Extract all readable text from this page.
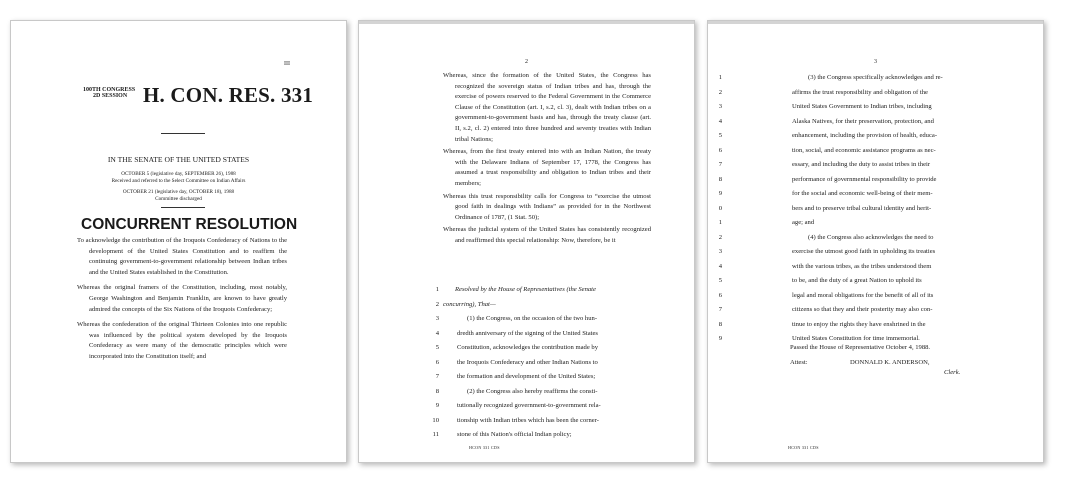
III
100TH CONGRESS
2D SESSION H. CON. RES. 331
IN THE SENATE OF THE UNITED STATES
OCTOBER 5 (legislative day, SEPTEMBER 26), 1988
Received and referred to the Select Committee on Indian Affairs
OCTOBER 21 (legislative day, OCTOBER 18), 1988
Committee discharged
CONCURRENT RESOLUTION

To acknowledge the contribution of the Iroquois Confederacy of Nations to the development of the United States Constitution and to reaffirm the continuing government-to-government relationship between Indian tribes and the United States established in the Constitution.

Whereas the original framers of the Constitution, including, most notably, George Washington and Benjamin Franklin, are known to have greatly admired the concepts of the Six Nations of the Iroquois Confederacy;

Whereas the confederation of the original Thirteen Colonies into one republic was influenced by the political system developed by the Iroquois Confederacy as were many of the democratic principles which were incorporated into the Constitution itself; and

2

Whereas, since the formation of the United States, the Congress has recognized the sovereign status of Indian tribes and has, through the exercise of powers reserved to the Federal Government in the Commerce Clause of the Constitution (art. I, s.2, cl. 3), dealt with Indian tribes on a government-to-government basis and has, through the treaty clause (art. II, s.2, cl. 2) entered into three hundred and seventy treaties with Indian tribal Nations;

Whereas, from the first treaty entered into with an Indian Nation, the treaty with the Delaware Indians of September 17, 1778, the Congress has assumed a trust responsibility and obligation to Indian tribes and their members;

Whereas this trust responsibility calls for Congress to “exercise the utmost good faith in dealings with Indians” as provided for in the Northwest Ordinance of 1787, (1 Stat. 50);

Whereas the judicial system of the United States has consistently recognized and reaffirmed this special relationship: Now, therefore, be it

1 Resolved by the House of Representatives (the Senate
2 concurring), That—
3	(1) the Congress, on the occasion of the two hun-
4	dredth anniversary of the signing of the United States
5	Constitution, acknowledges the contribution made by
6	the Iroquois Confederacy and other Indian Nations to
7	the formation and development of the United States;
8	(2) the Congress also hereby reaffirms the consti-
9	tutionally recognized government-to-government rela-
10	tionship with Indian tribes which has been the corner-
11	stone of this Nation's official Indian policy;
HCON 331 CDS
3
1	(3) the Congress specifically acknowledges and re-
2	affirms the trust responsibility and obligation of the
3	United States Government to Indian tribes, including
4	Alaska Natives, for their preservation, protection, and
5	enhancement, including the provision of health, educa-
6	tion, social, and economic assistance programs as nec-
7	essary, and including the duty to assist tribes in their
8	performance of governmental responsibility to provide
9	for the social and economic well-being of their mem-
0	bers and to preserve tribal cultural identity and herit-
1	age; and
2	(4) the Congress also acknowledges the need to
3	exercise the utmost good faith in upholding its treaties
4	with the various tribes, as the tribes understood them
5	to be, and the duty of a great Nation to uphold its
6	legal and moral obligations for the benefit of all of its
7	citizens so that they and their posterity may also con-
8	tinue to enjoy the rights they have enshrined in the
9	United States Constitution for time immemorial.
Passed the House of Representative October 4, 1988.
Attest:	DONNALD K. ANDERSON,
Clerk.
HCON 331 CDS
